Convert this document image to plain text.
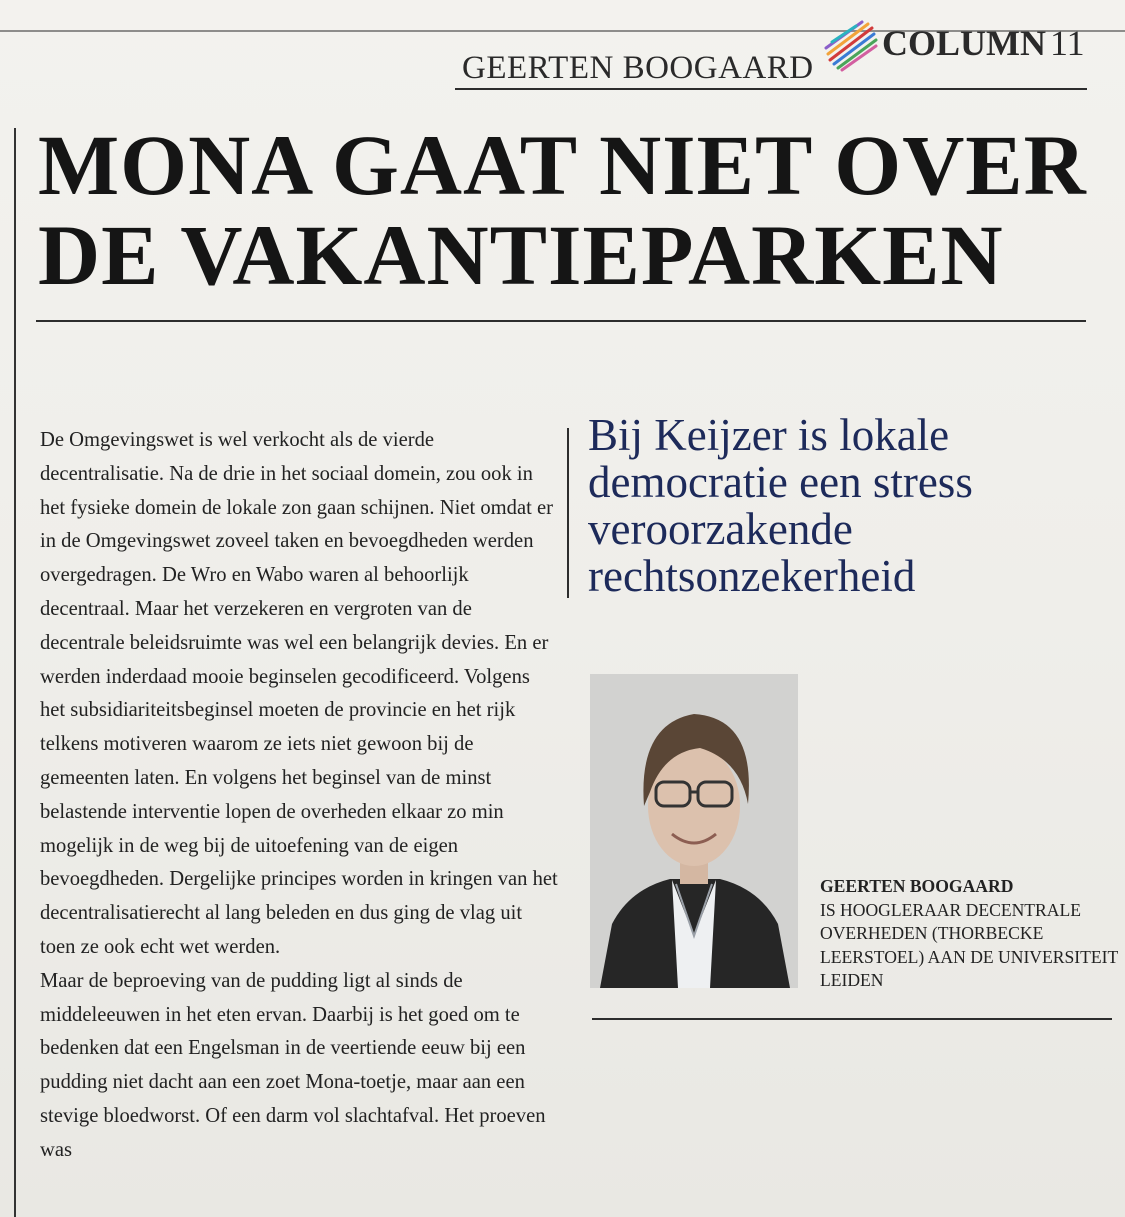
GEERTEN BOOGAARD
COLUMN 11
MONA GAAT NIET OVER DE VAKANTIEPARKEN

De Omgevingswet is wel verkocht als de vierde decentralisatie. Na de drie in het sociaal domein, zou ook in het fysieke domein de lokale zon gaan schijnen. Niet omdat er in de Omgevingswet zoveel taken en bevoegdheden werden overgedragen. De Wro en Wabo waren al behoorlijk decentraal. Maar het verzekeren en vergroten van de decentrale beleidsruimte was wel een belangrijk devies. En er werden inderdaad mooie beginselen gecodificeerd. Volgens het subsidiariteitsbeginsel moeten de provincie en het rijk telkens motiveren waarom ze iets niet gewoon bij de gemeenten laten. En volgens het beginsel van de minst belastende interventie lopen de overheden elkaar zo min mogelijk in de weg bij de uitoefening van de eigen bevoegdheden. Dergelijke principes worden in kringen van het decentralisatierecht al lang beleden en dus ging de vlag uit toen ze ook echt wet werden.

Maar de beproeving van de pudding ligt al sinds de middeleeuwen in het eten ervan. Daarbij is het goed om te bedenken dat een Engelsman in de veertiende eeuw bij een pudding niet dacht aan een zoet Mona-toetje, maar aan een stevige bloedworst. Of een darm vol slachtafval. Het proeven was

Bij Keijzer is lokale democratie een stress veroorzakende rechtsonzekerheid

GEERTEN BOOGAARD
IS HOOGLERAAR DECENTRALE OVERHEDEN (THORBECKE LEERSTOEL) AAN DE UNIVERSITEIT LEIDEN
